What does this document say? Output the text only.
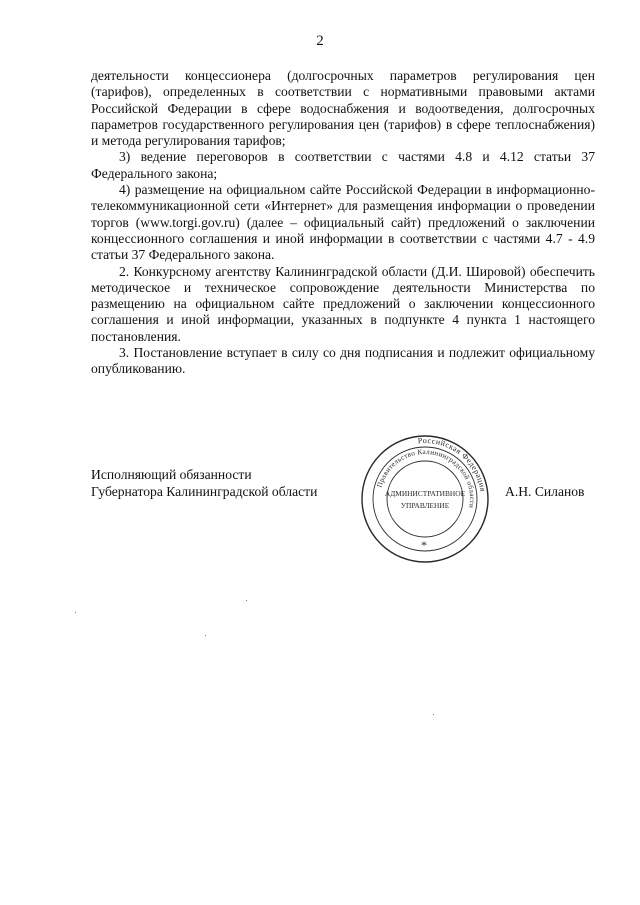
2

деятельности концессионера (долгосрочных параметров регулирования цен (тарифов), определенных в соответствии с нормативными правовыми актами Российской Федерации в сфере водоснабжения и водоотведения, долгосрочных параметров государственного регулирования цен (тарифов) в сфере теплоснабжения) и метода регулирования тарифов;

3) ведение переговоров в соответствии с частями 4.8 и 4.12 статьи 37 Федерального закона;

4) размещение на официальном сайте Российской Федерации в информационно-телекоммуникационной сети «Интернет» для размещения информации о проведении торгов (www.torgi.gov.ru) (далее – официальный сайт) предложений о заключении концессионного соглашения и иной информации в соответствии с частями 4.7 - 4.9 статьи 37 Федерального закона.

2. Конкурсному агентству Калининградской области (Д.И. Шировой) обеспечить методическое и техническое сопровождение деятельности Министерства по размещению на официальном сайте предложений о заключении концессионного соглашения и иной информации, указанных в подпункте 4 пункта 1 настоящего постановления.

3. Постановление вступает в силу со дня подписания и подлежит официальному опубликованию.

Исполняющий обязанности
Губернатора Калининградской области	А.Н. Силанов
Российская Федерация
Правительство Калининградской области
АДМИНИСТРАТИВНОЕ
УПРАВЛЕНИЕ
*
